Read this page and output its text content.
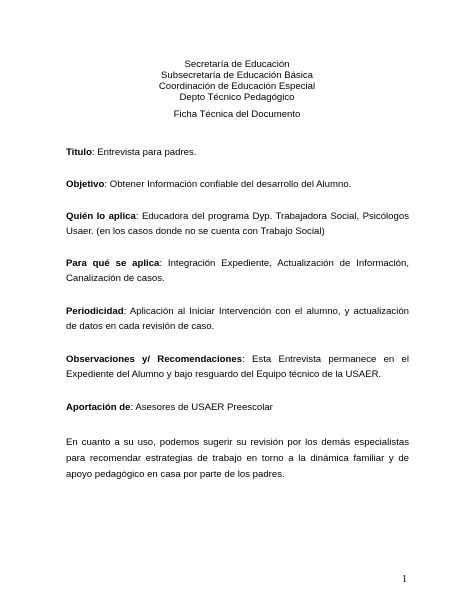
Secretaría de Educación
Subsecretaría de Educación Básica
Coordinación de Educación Especial
Depto Técnico Pedagógico
Ficha Técnica del Documento
Titulo: Entrevista para padres.
Objetivo: Obtener Información confiable del desarrollo del Alumno.
Quién lo aplica: Educadora del programa Dyp. Trabajadora Social, Psicólogos Usaer. (en los casos donde no se cuenta con Trabajo Social)
Para qué se aplica: Integración Expediente, Actualización de Información, Canalización de casos.
Periodicidad: Aplicación al Iniciar Intervención con el alumno, y actualización de datos en cada revisión de caso.
Observaciones y/ Recomendaciones: Esta Entrevista permanece en el Expediente del Alumno y bajo resguardo del Equipo técnico de la USAER.
Aportación de: Asesores de USAER Preescolar
En cuanto a su uso, podemos sugerir su revisión por los demás especialistas para recomendar estrategias de trabajo en torno a la dinámica familiar y de apoyo pedagógico en casa por parte de los padres.
1
